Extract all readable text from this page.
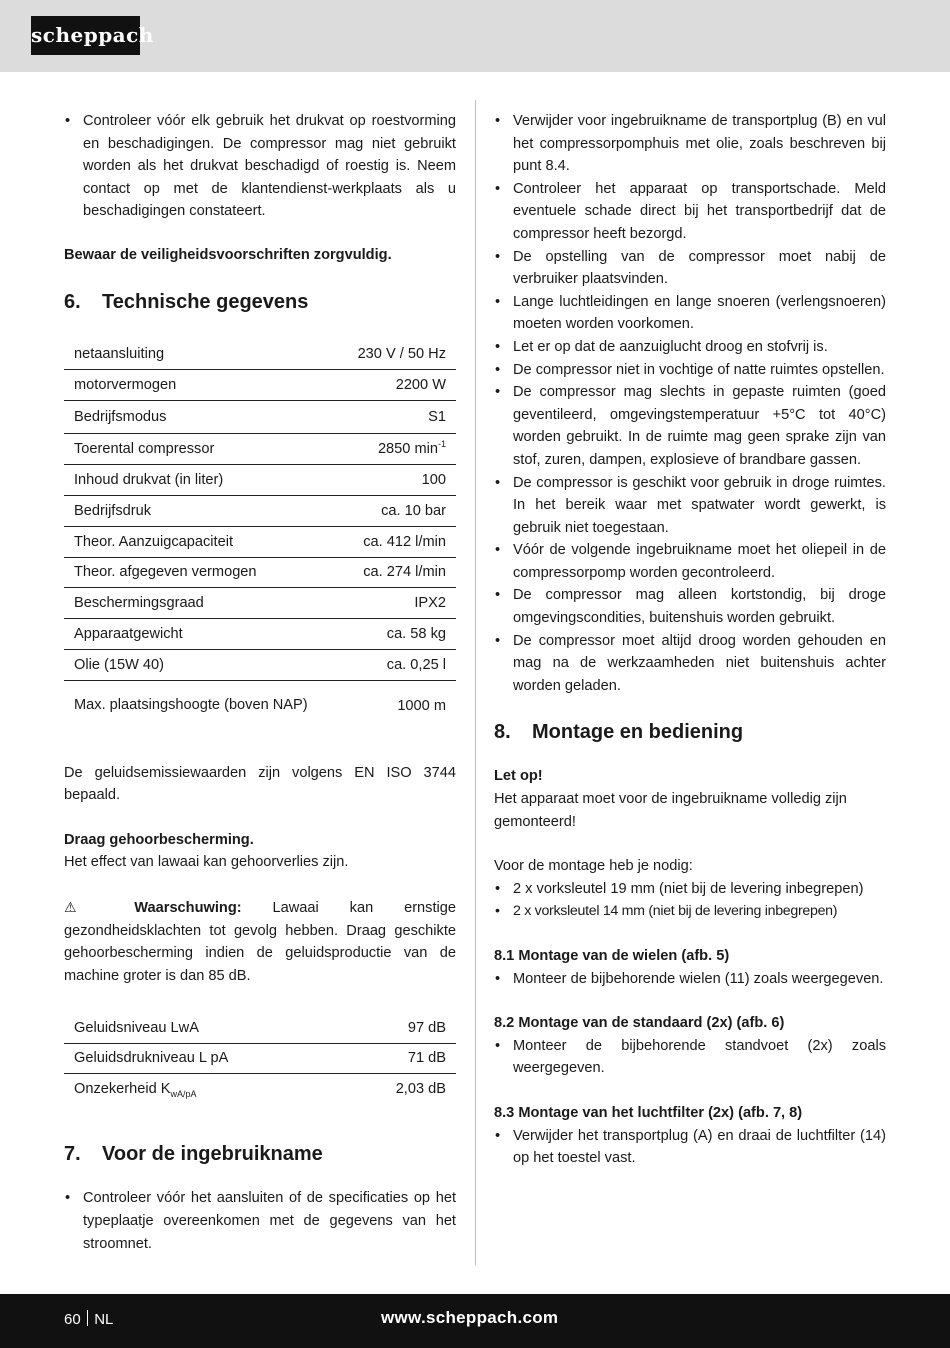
scheppach
• Controleer vóór elk gebruik het drukvat op roestvorming en beschadigingen. De compressor mag niet gebruikt worden als het drukvat beschadigd of roestig is. Neem contact op met de klantendienst-werkplaats als u beschadigingen constateert.

Bewaar de veiligheidsvoorschriften zorgvuldig.

6.	Technische gegevens
netaansluiting	230 V / 50 Hz
motorvermogen	2200 W
Bedrijfsmodus	S1
Toerental compressor	2850 $\min^{-1}$
Inhoud drukvat (in liter)	100
Bedrijfsdruk	ca. 10 bar
Theor. Aanzuigcapaciteit	ca. 412 l/min
Theor. afgegeven vermogen	ca. 274 l/min
Beschermingsgraad	IPX2
Apparaatgewicht	ca. 58 kg
Olie (15W 40)	ca. 0,25 l
Max. plaatsingshoogte (boven NAP)	1000 m

De geluidsemissiewaarden zijn volgens EN ISO 3744 bepaald.

Draag gehoorbescherming.

Het effect van lawaai kan gehoorverlies zijn.

⚠ Waarschuwing: Lawaai kan ernstige gezondheidsklachten tot gevolg hebben. Draag geschikte gehoorbescherming indien de geluidsproductie van de machine groter is dan 85 dB.

Geluidsniveau LwA	97 dB
Geluidsdrukniveau L pA	71 dB
Onzekerheid $K_{wA/pA}$	2,03 dB
7.	Voor de ingebruikname
• Controleer vóór het aansluiten of de specificaties op het typeplaatje overeenkomen met de gegevens van het stroomnet.
• Verwijder voor ingebruikname de transportplug (B) en vul het compressorpomphuis met olie, zoals beschreven bij punt 8.4.
• Controleer het apparaat op transportschade. Meld eventuele schade direct bij het transportbedrijf dat de compressor heeft bezorgd.
• De opstelling van de compressor moet nabij de verbruiker plaatsvinden.
• Lange luchtleidingen en lange snoeren (verlengsnoeren) moeten worden voorkomen.
• Let er op dat de aanzuiglucht droog en stofvrij is.
• De compressor niet in vochtige of natte ruimtes opstellen.
• De compressor mag slechts in gepaste ruimten (goed geventileerd, omgevingstemperatuur +5°C tot 40°C) worden gebruikt. In de ruimte mag geen sprake zijn van stof, zuren, dampen, explosieve of brandbare gassen.
• De compressor is geschikt voor gebruik in droge ruimtes. In het bereik waar met spatwater wordt gewerkt, is gebruik niet toegestaan.
• Vóór de volgende ingebruikname moet het oliepeil in de compressorpomp worden gecontroleerd.
• De compressor mag alleen kortstondig, bij droge omgevingscondities, buitenshuis worden gebruikt.
• De compressor moet altijd droog worden gehouden en mag na de werkzaamheden niet buitenshuis achter worden geladen.
8.	Montage en bediening

Let op!

Het apparaat moet voor de ingebruikname volledig zijn gemonteerd!

Voor de montage heb je nodig:

• 2 x vorksleutel 19 mm (niet bij de levering inbegrepen)
• 2 x vorksleutel 14 mm (niet bij de levering inbegrepen)

8.1 Montage van de wielen (afb. 5)

• Monteer de bijbehorende wielen (11) zoals weergegeven.

8.2 Montage van de standaard (2x) (afb. 6)

• Monteer de bijbehorende standvoet (2x) zoals weergegeven.

8.3 Montage van het luchtfilter (2x) (afb. 7, 8)

• Verwijder het transportplug (A) en draai de luchtfilter (14) op het toestel vast.
60 NL	www.scheppach.com
